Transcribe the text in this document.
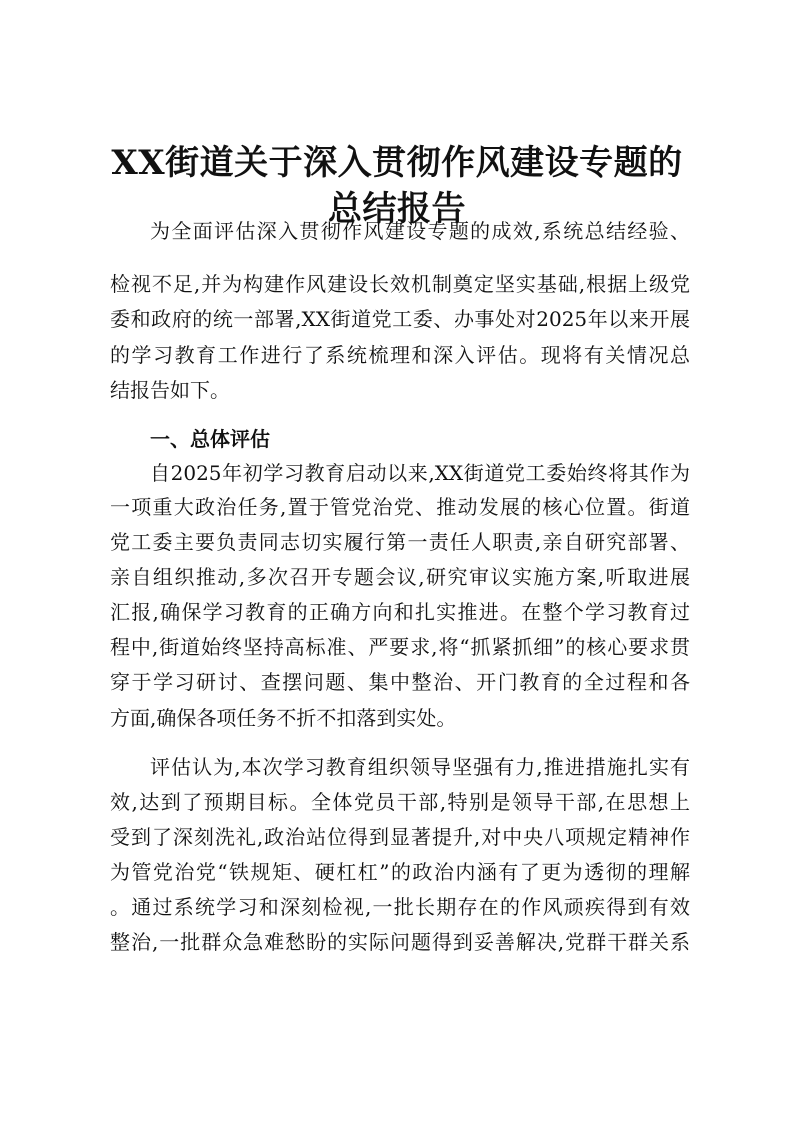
XX街道关于深入贯彻作风建设专题的
总结报告
为全面评估深入贯彻作风建设专题的成效,系统总结经验、
检视不足,并为构建作风建设长效机制奠定坚实基础,根据上级党
委和政府的统一部署,XX街道党工委、办事处对2025年以来开展
的学习教育工作进行了系统梳理和深入评估。现将有关情况总
结报告如下。
一、总体评估
自2025年初学习教育启动以来,XX街道党工委始终将其作为
一项重大政治任务,置于管党治党、推动发展的核心位置。街道
党工委主要负责同志切实履行第一责任人职责,亲自研究部署、
亲自组织推动,多次召开专题会议,研究审议实施方案,听取进展
汇报,确保学习教育的正确方向和扎实推进。在整个学习教育过
程中,街道始终坚持高标准、严要求,将“抓紧抓细”的核心要求贯
穿于学习研讨、查摆问题、集中整治、开门教育的全过程和各
方面,确保各项任务不折不扣落到实处。
评估认为,本次学习教育组织领导坚强有力,推进措施扎实有
效,达到了预期目标。全体党员干部,特别是领导干部,在思想上
受到了深刻洗礼,政治站位得到显著提升,对中央八项规定精神作
为管党治党“铁规矩、硬杠杠”的政治内涵有了更为透彻的理解
。通过系统学习和深刻检视,一批长期存在的作风顽疾得到有效
整治,一批群众急难愁盼的实际问题得到妥善解决,党群干群关系
